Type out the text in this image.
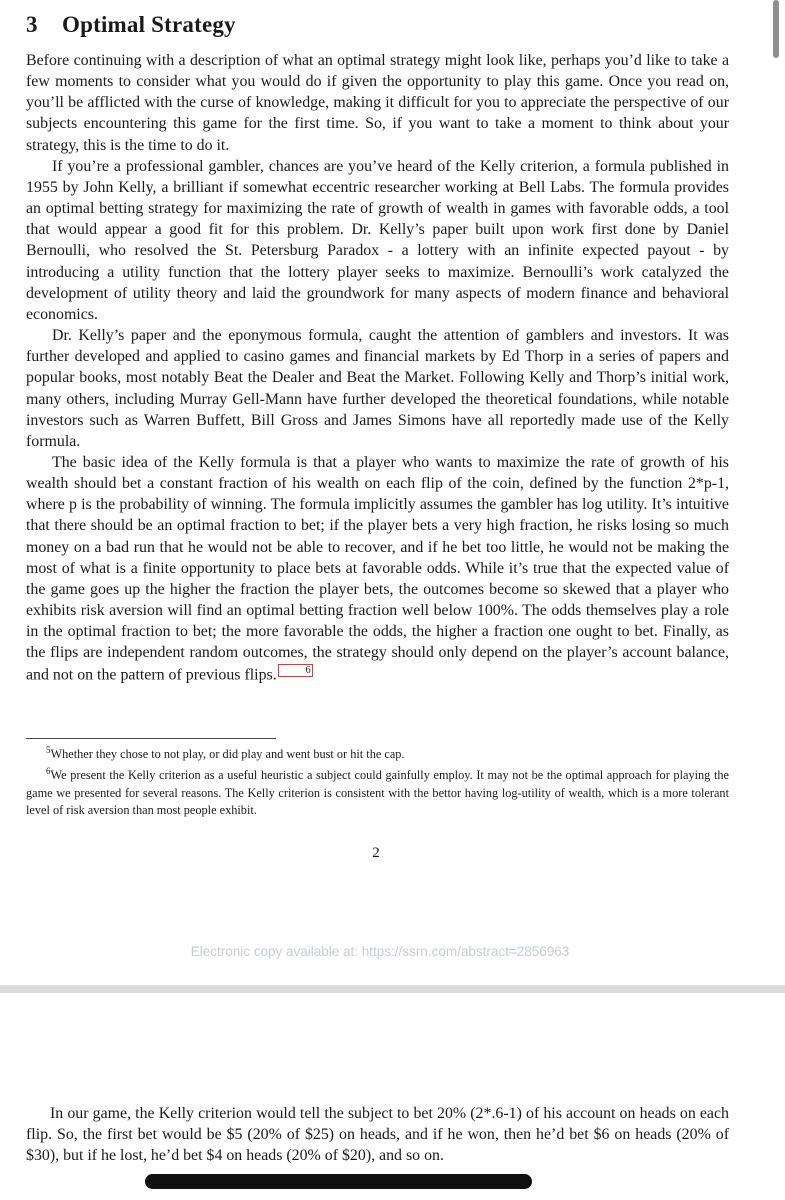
3 Optimal Strategy

Before continuing with a description of what an optimal strategy might look like, perhaps you’d like to take a few moments to consider what you would do if given the opportunity to play this game. Once you read on, you’ll be afflicted with the curse of knowledge, making it difficult for you to appreciate the perspective of our subjects encountering this game for the first time. So, if you want to take a moment to think about your strategy, this is the time to do it.

If you’re a professional gambler, chances are you’ve heard of the Kelly criterion, a formula published in 1955 by John Kelly, a brilliant if somewhat eccentric researcher working at Bell Labs. The formula provides an optimal betting strategy for maximizing the rate of growth of wealth in games with favorable odds, a tool that would appear a good fit for this problem. Dr. Kelly’s paper built upon work first done by Daniel Bernoulli, who resolved the St. Petersburg Paradox - a lottery with an infinite expected payout - by introducing a utility function that the lottery player seeks to maximize. Bernoulli’s work catalyzed the development of utility theory and laid the groundwork for many aspects of modern finance and behavioral economics.

Dr. Kelly’s paper and the eponymous formula, caught the attention of gamblers and investors. It was further developed and applied to casino games and financial markets by Ed Thorp in a series of papers and popular books, most notably Beat the Dealer and Beat the Market. Following Kelly and Thorp’s initial work, many others, including Murray Gell-Mann have further developed the theoretical foundations, while notable investors such as Warren Buffett, Bill Gross and James Simons have all reportedly made use of the Kelly formula.

The basic idea of the Kelly formula is that a player who wants to maximize the rate of growth of his wealth should bet a constant fraction of his wealth on each flip of the coin, defined by the function 2*p-1, where p is the probability of winning. The formula implicitly assumes the gambler has log utility. It’s intuitive that there should be an optimal fraction to bet; if the player bets a very high fraction, he risks losing so much money on a bad run that he would not be able to recover, and if he bet too little, he would not be making the most of what is a finite opportunity to place bets at favorable odds. While it’s true that the expected value of the game goes up the higher the fraction the player bets, the outcomes become so skewed that a player who exhibits risk aversion will find an optimal betting fraction well below 100%. The odds themselves play a role in the optimal fraction to bet; the more favorable the odds, the higher a fraction one ought to bet. Finally, as the flips are independent random outcomes, the strategy should only depend on the player’s account balance, and not on the pattern of previous flips.	6

$^5$Whether they chose to not play, or did play and went bust or hit the cap.

$^6$We present the Kelly criterion as a useful heuristic a subject could gainfully employ. It may not be the optimal approach for playing the game we presented for several reasons. The Kelly criterion is consistent with the bettor having log-utility of wealth, which is a more tolerant level of risk aversion than most people exhibit.

2
Electronic copy available at: https://ssrn.com/abstract=2856963

In our game, the Kelly criterion would tell the subject to bet 20% (2*.6-1) of his account on heads on each flip. So, the first bet would be $5 (20% of $25) on heads, and if he won, then he’d bet $6 on heads (20% of $30), but if he lost, he’d bet $4 on heads (20% of $20), and so on.
